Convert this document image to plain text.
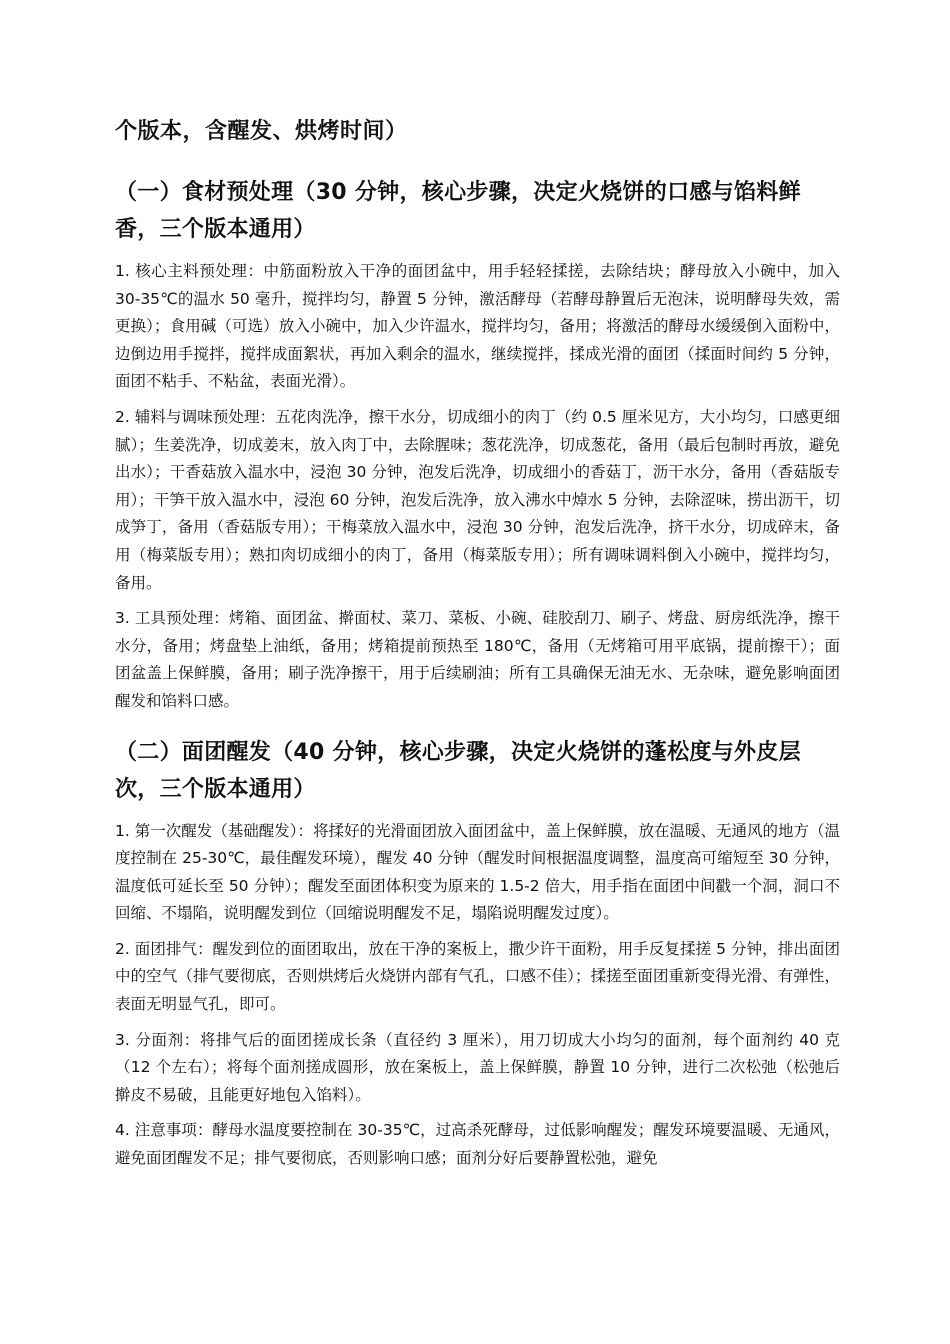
个版本，含醒发、烘烤时间）
（一）食材预处理（30 分钟，核心步骤，决定火烧饼的口感与馅料鲜香，三个版本通用）

1. 核心主料预处理：中筋面粉放入干净的面团盆中，用手轻轻揉搓，去除结块；酵母放入小碗中，加入 30-35℃的温水 50 毫升，搅拌均匀，静置 5 分钟，激活酵母（若酵母静置后无泡沫，说明酵母失效，需更换）；食用碱（可选）放入小碗中，加入少许温水，搅拌均匀，备用；将激活的酵母水缓缓倒入面粉中，边倒边用手搅拌，搅拌成面絮状，再加入剩余的温水，继续搅拌，揉成光滑的面团（揉面时间约 5 分钟，面团不粘手、不粘盆，表面光滑）。

2. 辅料与调味预处理：五花肉洗净，擦干水分，切成细小的肉丁（约 0.5 厘米见方，大小均匀，口感更细腻）；生姜洗净，切成姜末，放入肉丁中，去除腥味；葱花洗净，切成葱花，备用（最后包制时再放，避免出水）；干香菇放入温水中，浸泡 30 分钟，泡发后洗净，切成细小的香菇丁，沥干水分，备用（香菇版专用）；干笋干放入温水中，浸泡 60 分钟，泡发后洗净，放入沸水中焯水 5 分钟，去除涩味，捞出沥干，切成笋丁，备用（香菇版专用）；干梅菜放入温水中，浸泡 30 分钟，泡发后洗净，挤干水分，切成碎末，备用（梅菜版专用）；熟扣肉切成细小的肉丁，备用（梅菜版专用）；所有调味调料倒入小碗中，搅拌均匀，备用。

3. 工具预处理：烤箱、面团盆、擀面杖、菜刀、菜板、小碗、硅胶刮刀、刷子、烤盘、厨房纸洗净，擦干水分，备用；烤盘垫上油纸，备用；烤箱提前预热至 180℃，备用（无烤箱可用平底锅，提前擦干）；面团盆盖上保鲜膜，备用；刷子洗净擦干，用于后续刷油；所有工具确保无油无水、无杂味，避免影响面团醒发和馅料口感。

（二）面团醒发（40 分钟，核心步骤，决定火烧饼的蓬松度与外皮层次，三个版本通用）

1. 第一次醒发（基础醒发）：将揉好的光滑面团放入面团盆中，盖上保鲜膜，放在温暖、无通风的地方（温度控制在 25-30℃，最佳醒发环境），醒发 40 分钟（醒发时间根据温度调整，温度高可缩短至 30 分钟，温度低可延长至 50 分钟）；醒发至面团体积变为原来的 1.5-2 倍大，用手指在面团中间戳一个洞，洞口不回缩、不塌陷，说明醒发到位（回缩说明醒发不足，塌陷说明醒发过度）。

2. 面团排气：醒发到位的面团取出，放在干净的案板上，撒少许干面粉，用手反复揉搓 5 分钟，排出面团中的空气（排气要彻底，否则烘烤后火烧饼内部有气孔，口感不佳）；揉搓至面团重新变得光滑、有弹性，表面无明显气孔，即可。

3. 分面剂：将排气后的面团搓成长条（直径约 3 厘米），用刀切成大小均匀的面剂，每个面剂约 40 克（12 个左右）；将每个面剂搓成圆形，放在案板上，盖上保鲜膜，静置 10 分钟，进行二次松弛（松弛后擀皮不易破，且能更好地包入馅料）。

4. 注意事项：酵母水温度要控制在 30-35℃，过高杀死酵母，过低影响醒发；醒发环境要温暖、无通风，避免面团醒发不足；排气要彻底，否则影响口感；面剂分好后要静置松弛，避免
